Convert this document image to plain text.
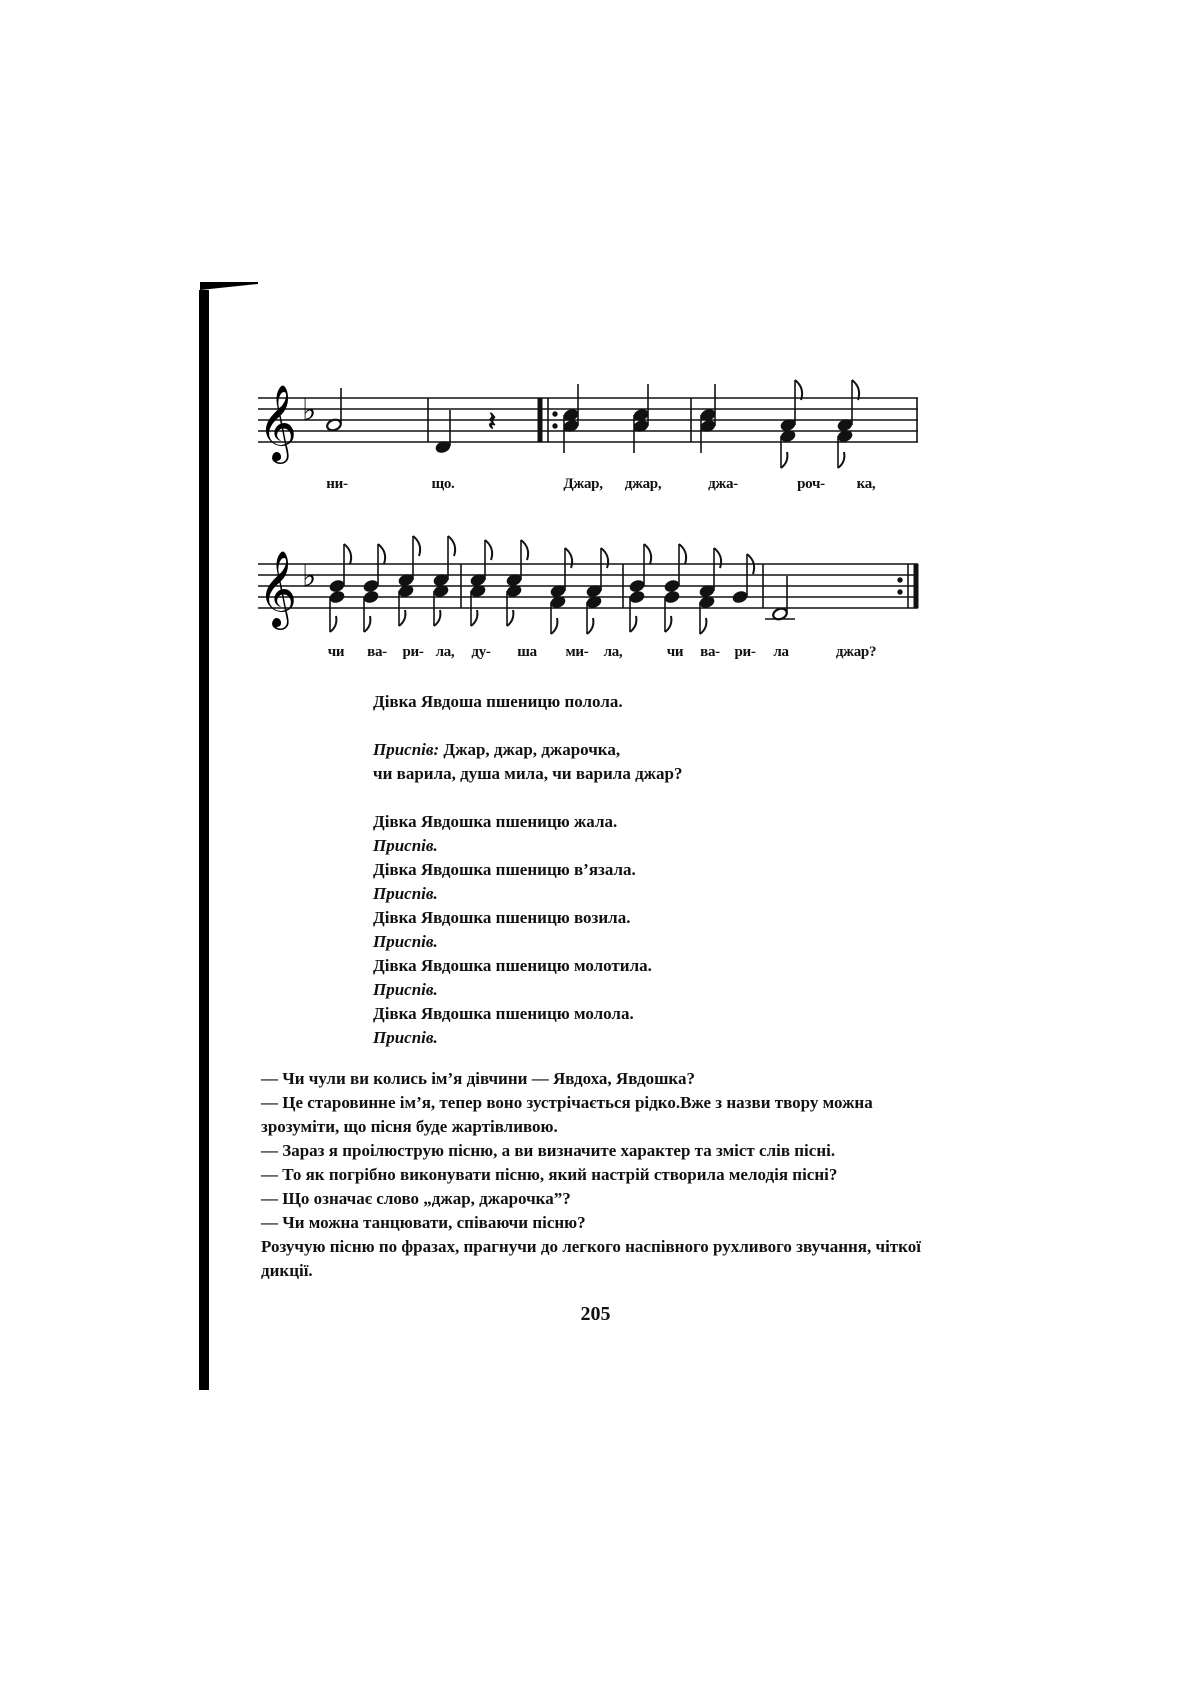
𝄞 ♭	𝄽
ни-	що.	Джар, джар,	джа-	роч- ка,
𝄞 ♭
чи ва- ри- ла, ду- ша ми- ла,	чи ва- ри- ла	джар?

Дівка Явдоша пшеницю полола.

Приспів: Джар, джар, джарочка,

чи варила, душа мила, чи варила джар?

Дівка Явдошка пшеницю жала.

Приспів.

Дівка Явдошка пшеницю в’язала.

Приспів.

Дівка Явдошка пшеницю возила.

Приспів.

Дівка Явдошка пшеницю молотила.

Приспів.

Дівка Явдошка пшеницю молола.

Приспів.

— Чи чули ви колись ім’я дівчини — Явдоха, Явдошка?

— Це старовинне ім’я, тепер воно зустрічається рідко.Вже з назви твору можна зрозуміти, що пісня буде жартівливою.

— Зараз я проілюструю пісню, а ви визначите характер та зміст слів пісні.

— То як погрібно виконувати пісню, який настрій створила мелодія пісні?

— Що означає слово „джар, джарочка”?

— Чи можна танцювати, співаючи пісню?

Розучую пісню по фразах, прагнучи до легкого наспівного рухливого звучання, чіткої дикції.

205
